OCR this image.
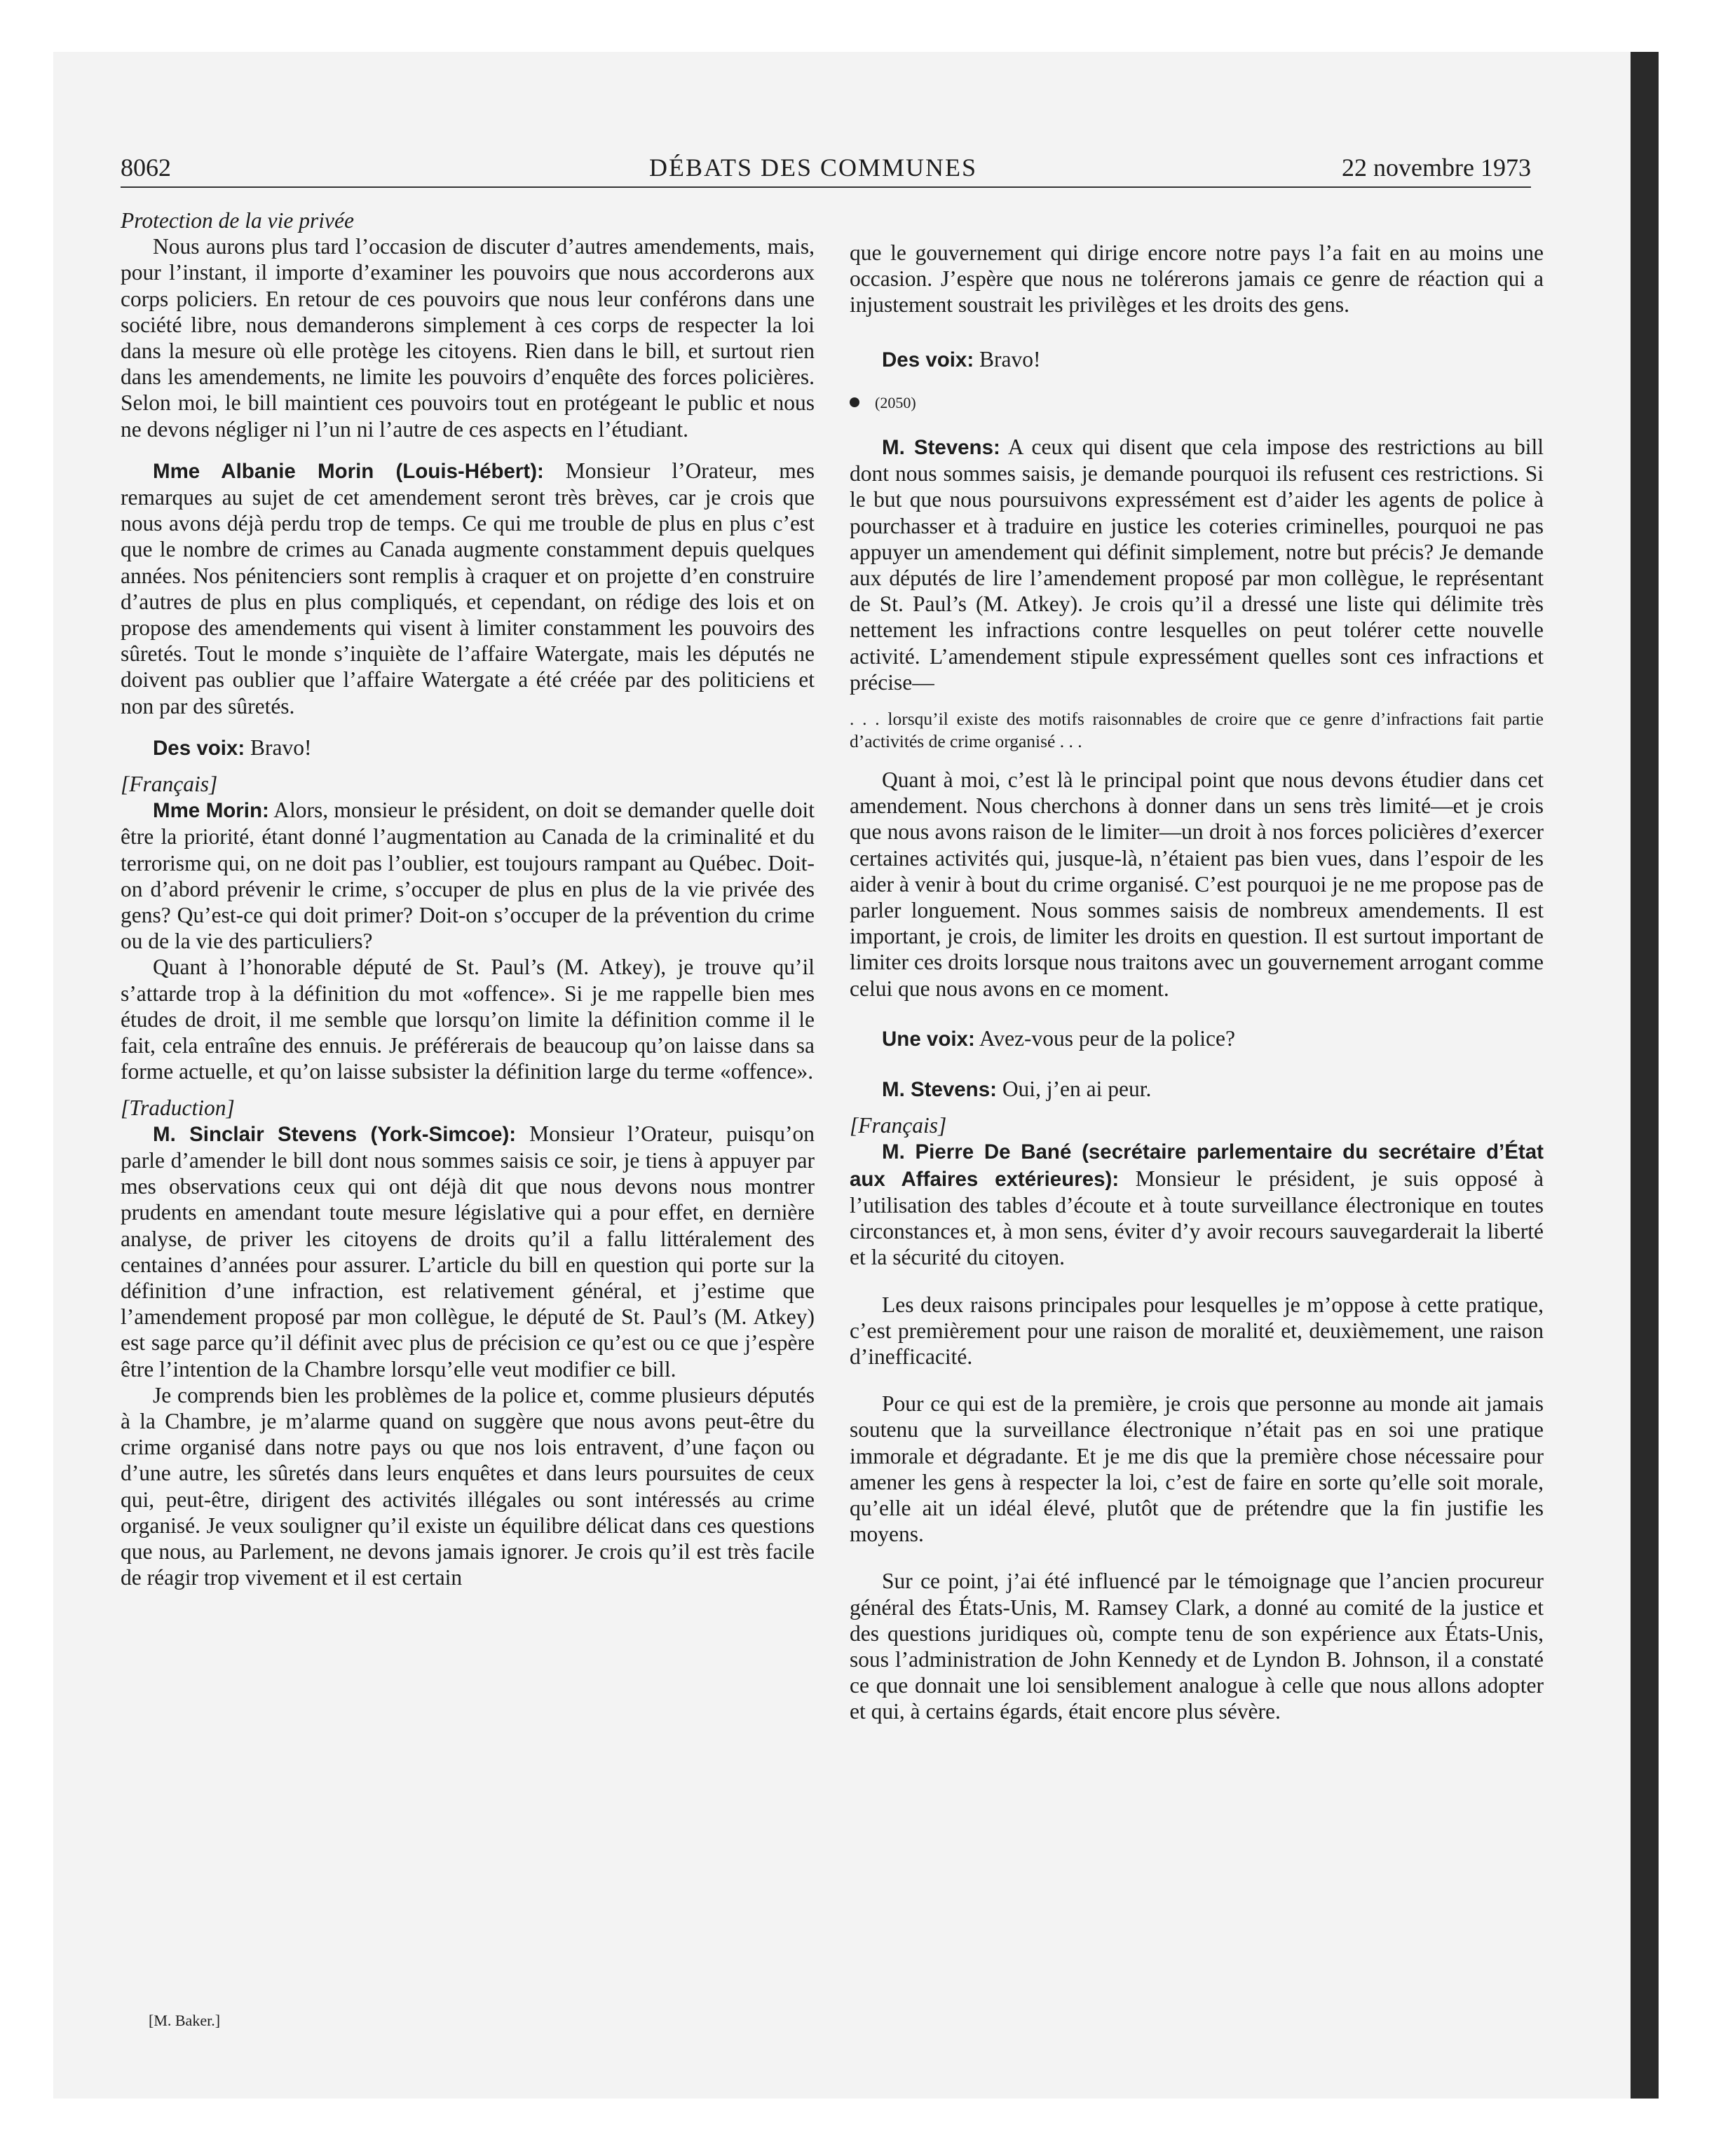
8062	DÉBATS DES COMMUNES	22 novembre 1973

Protection de la vie privée

Nous aurons plus tard l’occasion de discuter d’autres amendements, mais, pour l’instant, il importe d’examiner les pouvoirs que nous accorderons aux corps policiers. En retour de ces pouvoirs que nous leur conférons dans une société libre, nous demanderons simplement à ces corps de respecter la loi dans la mesure où elle protège les citoyens. Rien dans le bill, et surtout rien dans les amendements, ne limite les pouvoirs d’enquête des forces policières. Selon moi, le bill maintient ces pouvoirs tout en protégeant le public et nous ne devons négliger ni l’un ni l’autre de ces aspects en l’étudiant.

Mme Albanie Morin (Louis-Hébert): Monsieur l’Orateur, mes remarques au sujet de cet amendement seront très brèves, car je crois que nous avons déjà perdu trop de temps. Ce qui me trouble de plus en plus c’est que le nombre de crimes au Canada augmente constamment depuis quelques années. Nos pénitenciers sont remplis à craquer et on projette d’en construire d’autres de plus en plus compliqués, et cependant, on rédige des lois et on propose des amendements qui visent à limiter constamment les pouvoirs des sûretés. Tout le monde s’inquiète de l’affaire Watergate, mais les députés ne doivent pas oublier que l’affaire Watergate a été créée par des politiciens et non par des sûretés.

Des voix: Bravo!

[Français]

Mme Morin: Alors, monsieur le président, on doit se demander quelle doit être la priorité, étant donné l’augmentation au Canada de la criminalité et du terrorisme qui, on ne doit pas l’oublier, est toujours rampant au Québec. Doit-on d’abord prévenir le crime, s’occuper de plus en plus de la vie privée des gens? Qu’est-ce qui doit primer? Doit-on s’occuper de la prévention du crime ou de la vie des particuliers?

Quant à l’honorable député de St. Paul’s (M. Atkey), je trouve qu’il s’attarde trop à la définition du mot «offence». Si je me rappelle bien mes études de droit, il me semble que lorsqu’on limite la définition comme il le fait, cela entraîne des ennuis. Je préférerais de beaucoup qu’on laisse dans sa forme actuelle, et qu’on laisse subsister la définition large du terme «offence».

[Traduction]

M. Sinclair Stevens (York-Simcoe): Monsieur l’Orateur, puisqu’on parle d’amender le bill dont nous sommes saisis ce soir, je tiens à appuyer par mes observations ceux qui ont déjà dit que nous devons nous montrer prudents en amendant toute mesure législative qui a pour effet, en dernière analyse, de priver les citoyens de droits qu’il a fallu littéralement des centaines d’années pour assurer. L’article du bill en question qui porte sur la définition d’une infraction, est relativement général, et j’estime que l’amendement proposé par mon collègue, le député de St. Paul’s (M. Atkey) est sage parce qu’il définit avec plus de précision ce qu’est ou ce que j’espère être l’intention de la Chambre lorsqu’elle veut modifier ce bill.

Je comprends bien les problèmes de la police et, comme plusieurs députés à la Chambre, je m’alarme quand on suggère que nous avons peut-être du crime organisé dans notre pays ou que nos lois entravent, d’une façon ou d’une autre, les sûretés dans leurs enquêtes et dans leurs poursuites de ceux qui, peut-être, dirigent des activités illégales ou sont intéressés au crime organisé. Je veux souligner qu’il existe un équilibre délicat dans ces questions que nous, au Parlement, ne devons jamais ignorer. Je crois qu’il est très facile de réagir trop vivement et il est certain

que le gouvernement qui dirige encore notre pays l’a fait en au moins une occasion. J’espère que nous ne tolérerons jamais ce genre de réaction qui a injustement soustrait les privilèges et les droits des gens.

Des voix: Bravo!

(2050)

M. Stevens: A ceux qui disent que cela impose des restrictions au bill dont nous sommes saisis, je demande pourquoi ils refusent ces restrictions. Si le but que nous poursuivons expressément est d’aider les agents de police à pourchasser et à traduire en justice les coteries criminelles, pourquoi ne pas appuyer un amendement qui définit simplement, notre but précis? Je demande aux députés de lire l’amendement proposé par mon collègue, le représentant de St. Paul’s (M. Atkey). Je crois qu’il a dressé une liste qui délimite très nettement les infractions contre lesquelles on peut tolérer cette nouvelle activité. L’amendement stipule expressément quelles sont ces infractions et précise—

. . . lorsqu’il existe des motifs raisonnables de croire que ce genre d’infractions fait partie d’activités de crime organisé . . .

Quant à moi, c’est là le principal point que nous devons étudier dans cet amendement. Nous cherchons à donner dans un sens très limité—et je crois que nous avons raison de le limiter—un droit à nos forces policières d’exercer certaines activités qui, jusque-là, n’étaient pas bien vues, dans l’espoir de les aider à venir à bout du crime organisé. C’est pourquoi je ne me propose pas de parler longuement. Nous sommes saisis de nombreux amendements. Il est important, je crois, de limiter les droits en question. Il est surtout important de limiter ces droits lorsque nous traitons avec un gouvernement arrogant comme celui que nous avons en ce moment.

Une voix: Avez-vous peur de la police?

M. Stevens: Oui, j’en ai peur.

[Français]

M. Pierre De Bané (secrétaire parlementaire du secrétaire d’État aux Affaires extérieures): Monsieur le président, je suis opposé à l’utilisation des tables d’écoute et à toute surveillance électronique en toutes circonstances et, à mon sens, éviter d’y avoir recours sauvegarderait la liberté et la sécurité du citoyen.

Les deux raisons principales pour lesquelles je m’oppose à cette pratique, c’est premièrement pour une raison de moralité et, deuxièmement, une raison d’inefficacité.

Pour ce qui est de la première, je crois que personne au monde ait jamais soutenu que la surveillance électronique n’était pas en soi une pratique immorale et dégradante. Et je me dis que la première chose nécessaire pour amener les gens à respecter la loi, c’est de faire en sorte qu’elle soit morale, qu’elle ait un idéal élevé, plutôt que de prétendre que la fin justifie les moyens.

Sur ce point, j’ai été influencé par le témoignage que l’ancien procureur général des États-Unis, M. Ramsey Clark, a donné au comité de la justice et des questions juridiques où, compte tenu de son expérience aux États-Unis, sous l’administration de John Kennedy et de Lyndon B. Johnson, il a constaté ce que donnait une loi sensiblement analogue à celle que nous allons adopter et qui, à certains égards, était encore plus sévère.

[M. Baker.]
